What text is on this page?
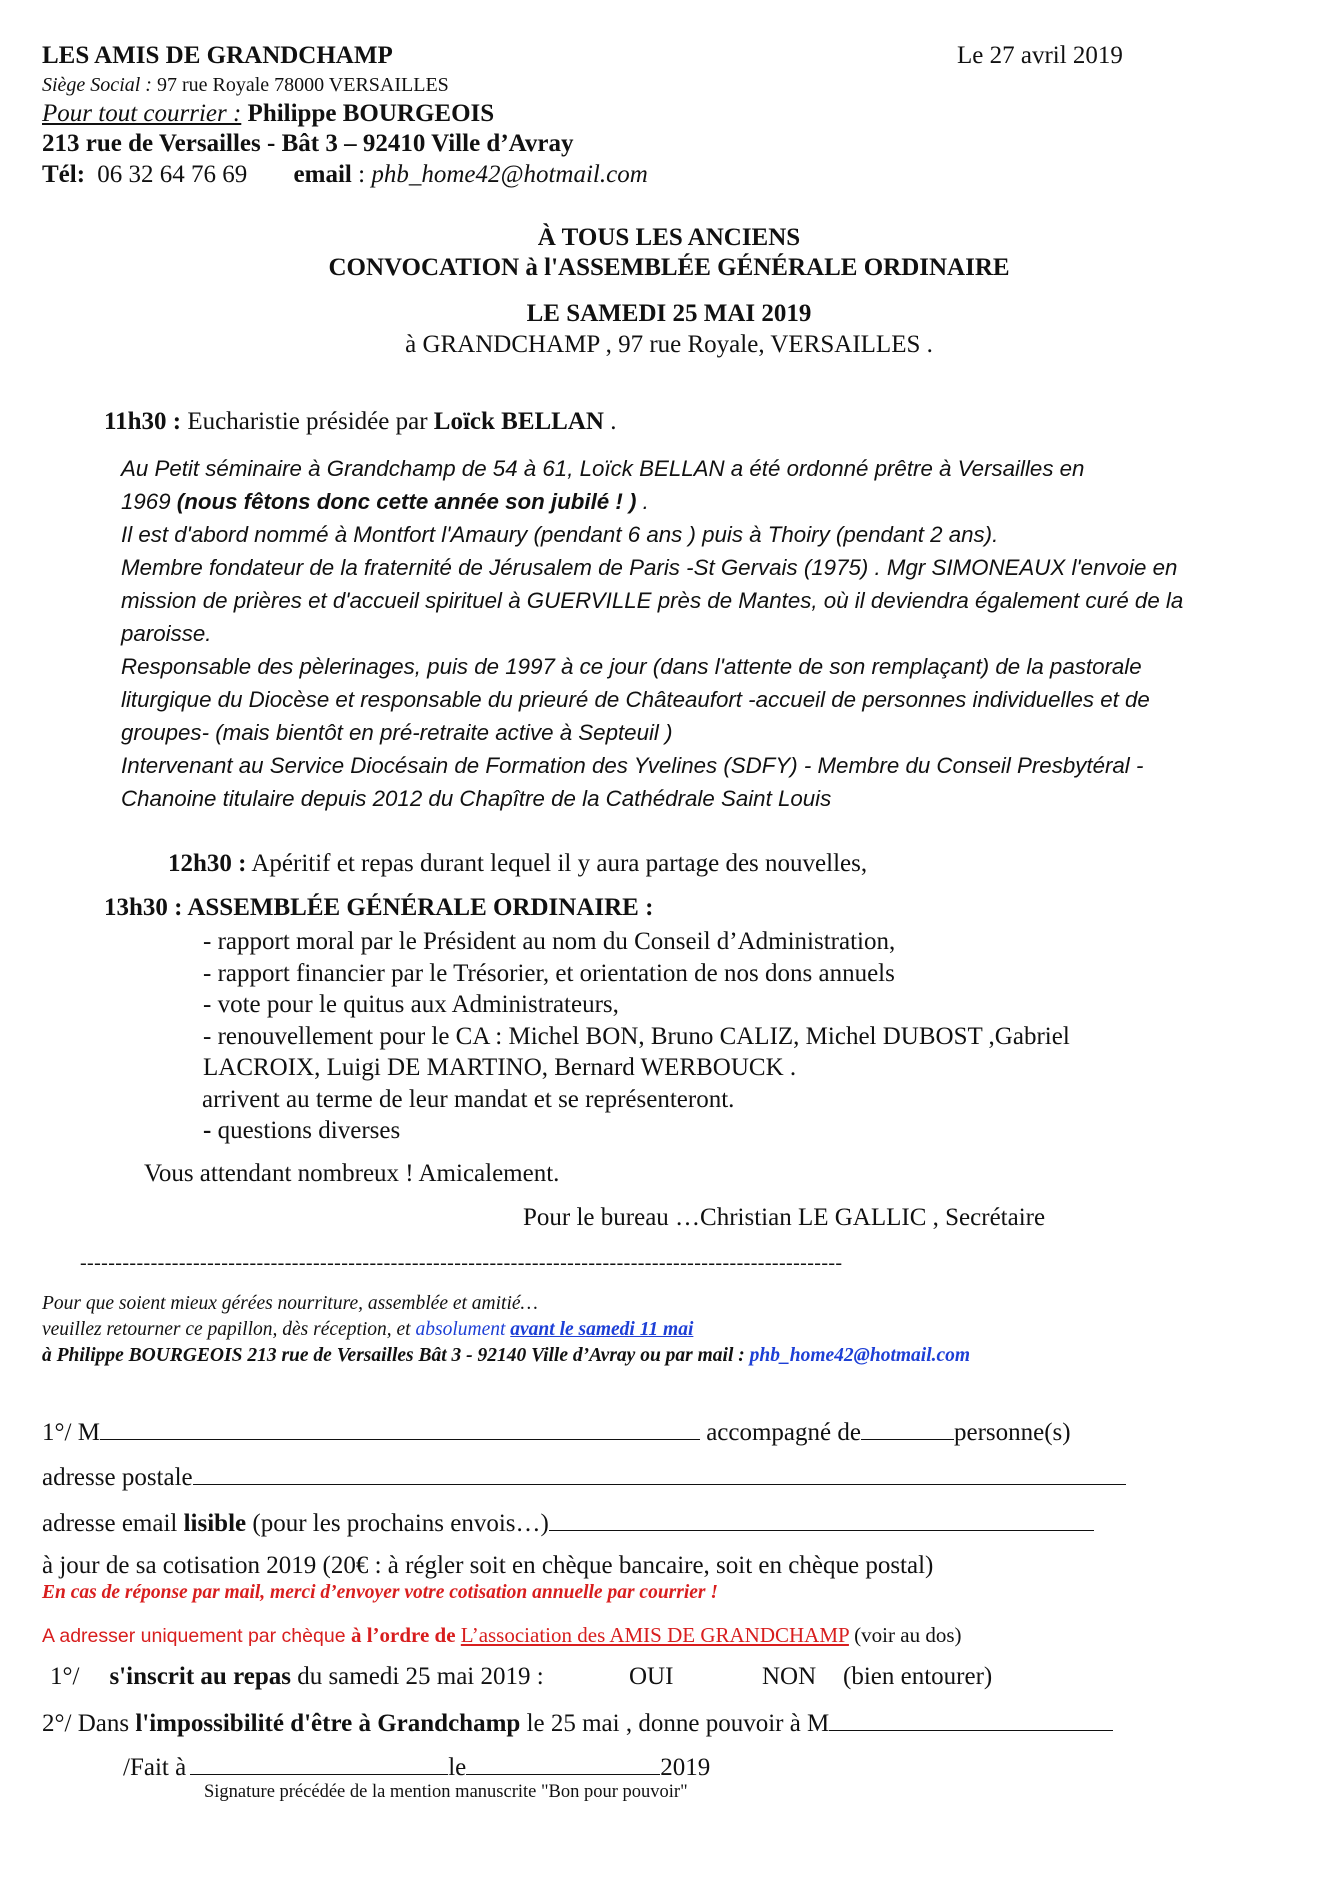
LES AMIS DE GRANDCHAMP	Le 27 avril 2019
Siège Social : 97 rue Royale 78000 VERSAILLES
Pour tout courrier : Philippe BOURGEOIS
213 rue de Versailles - Bât 3 – 92410 Ville d’Avray
Tél: 06 32 64 76 69 email : phb_home42@hotmail.com
À TOUS LES ANCIENS
CONVOCATION à l'ASSEMBLÉE GÉNÉRALE ORDINAIRE
LE SAMEDI 25 MAI 2019
à GRANDCHAMP , 97 rue Royale, VERSAILLES .
11h30 : Eucharistie présidée par Loïck BELLAN .
Au Petit séminaire à Grandchamp de 54 à 61, Loïck BELLAN a été ordonné prêtre à Versailles en
1969 (nous fêtons donc cette année son jubilé ! ) .
Il est d'abord nommé à Montfort l'Amaury (pendant 6 ans ) puis à Thoiry (pendant 2 ans).
Membre fondateur de la fraternité de Jérusalem de Paris -St Gervais (1975) . Mgr SIMONEAUX l'envoie en
mission de prières et d'accueil spirituel à GUERVILLE près de Mantes, où il deviendra également curé de la
paroisse.
Responsable des pèlerinages, puis de 1997 à ce jour (dans l'attente de son remplaçant) de la pastorale
liturgique du Diocèse et responsable du prieuré de Châteaufort -accueil de personnes individuelles et de
groupes- (mais bientôt en pré-retraite active à Septeuil )
Intervenant au Service Diocésain de Formation des Yvelines (SDFY) - Membre du Conseil Presbytéral -
Chanoine titulaire depuis 2012 du Chapître de la Cathédrale Saint Louis
12h30 : Apéritif et repas durant lequel il y aura partage des nouvelles,
13h30 : ASSEMBLÉE GÉNÉRALE ORDINAIRE :
- rapport moral par le Président au nom du Conseil d’Administration,
- rapport financier par le Trésorier, et orientation de nos dons annuels
- vote pour le quitus aux Administrateurs,
- renouvellement pour le CA : Michel BON, Bruno CALIZ, Michel DUBOST ,Gabriel
LACROIX, Luigi DE MARTINO, Bernard WERBOUCK .
arrivent au terme de leur mandat et se représenteront.
- questions diverses
Vous attendant nombreux ! Amicalement.
Pour le bureau …Christian LE GALLIC , Secrétaire
------------------------------------------------------------------------------------------------------------
Pour que soient mieux gérées nourriture, assemblée et amitié…
veuillez retourner ce papillon, dès réception, et absolument avant le samedi 11 mai
à Philippe BOURGEOIS 213 rue de Versailles Bât 3 - 92140 Ville d’Avray ou par mail : phb_home42@hotmail.com
1°/ M	accompagné de	personne(s)
adresse postale
adresse email lisible (pour les prochains envois…)
à jour de sa cotisation 2019 (20€ : à régler soit en chèque bancaire, soit en chèque postal)
En cas de réponse par mail, merci d’envoyer votre cotisation annuelle par courrier !
A adresser uniquement par chèque à l’ordre de L’association des AMIS DE GRANDCHAMP (voir au dos)
1°/ s'inscrit au repas du samedi 25 mai 2019 :	OUI	NON (bien entourer)
2°/ Dans l'impossibilité d'être à Grandchamp le 25 mai , donne pouvoir à M
/Fait à	le	2019
Signature précédée de la mention manuscrite "Bon pour pouvoir"
